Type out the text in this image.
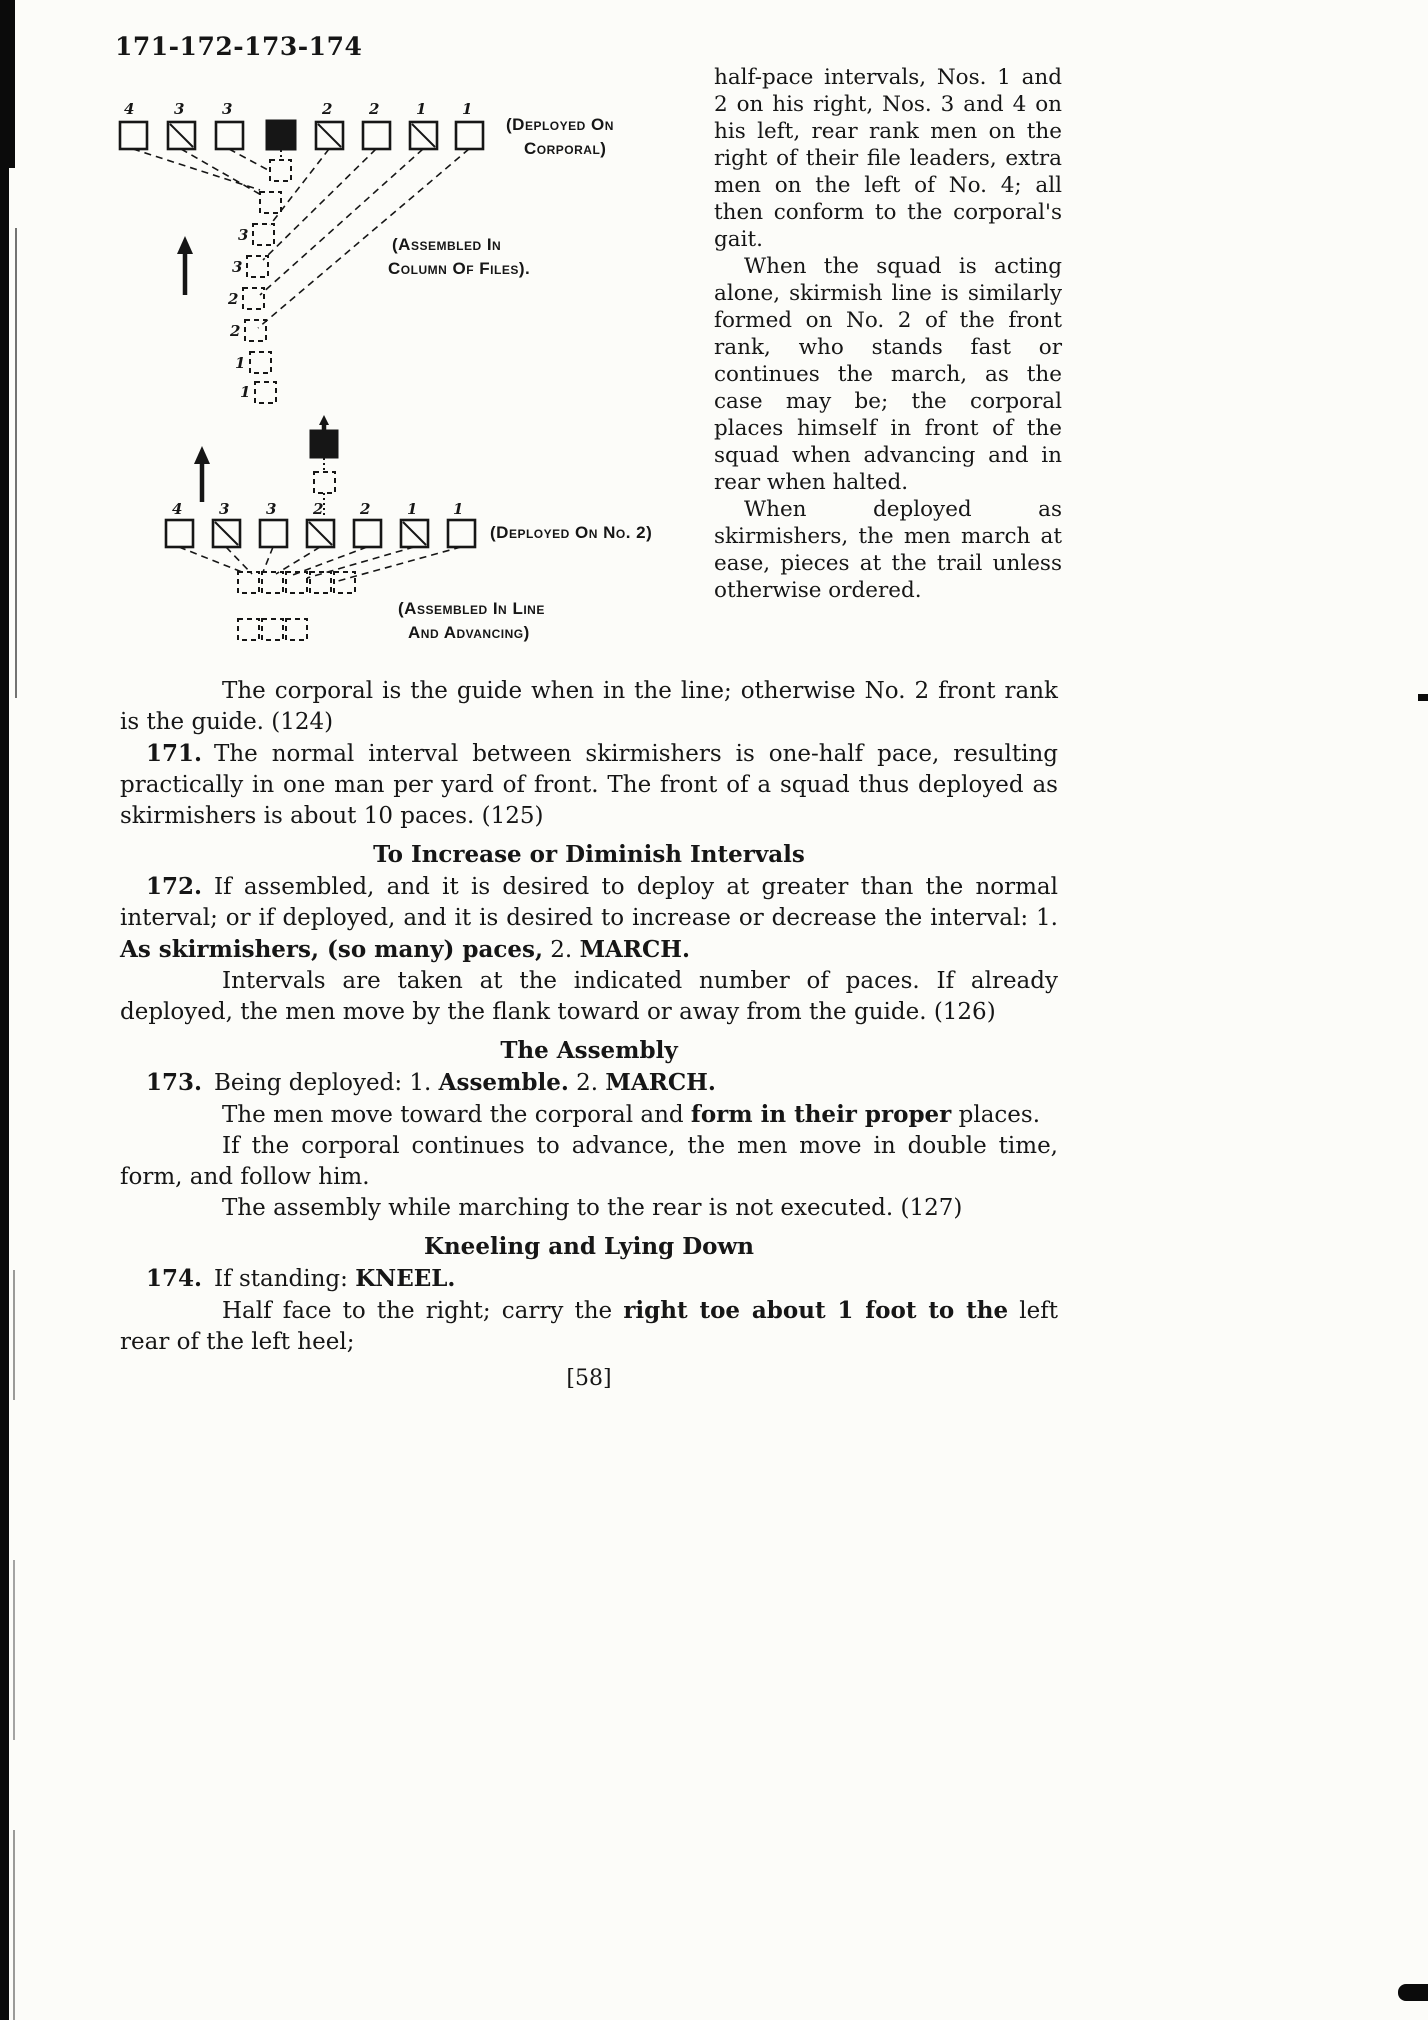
171-172-173-174
4	3	3	2 2 1 1
3
3
2
2
1
1
(Deployed On
Corporal)
(Assembled In
Column Of Files).

4 3 3 2 2 1 1
(Deployed On No. 2)
(Assembled In Line
And Advancing)

half-pace intervals, Nos. 1 and 2 on his right, Nos. 3 and 4 on his left, rear rank men on the right of their file leaders, extra men on the left of No. 4; all then conform to the corporal's gait.

When the squad is acting alone, skirmish line is similarly formed on No. 2 of the front rank, who stands fast or continues the march, as the case may be; the corporal places himself in front of the squad when advancing and in rear when halted.

When deployed as skirmishers, the men march at ease, pieces at the trail unless otherwise ordered.

The corporal is the guide when in the line; otherwise No. 2 front rank is the guide. (124)

171. The normal interval between skirmishers is one-half pace, resulting practically in one man per yard of front. The front of a squad thus deployed as skirmishers is about 10 paces. (125)

To Increase or Diminish Intervals

172. If assembled, and it is desired to deploy at greater than the normal interval; or if deployed, and it is desired to increase or decrease the interval: 1. As skirmishers, (so many) paces, 2. MARCH.

Intervals are taken at the indicated number of paces. If already deployed, the men move by the flank toward or away from the guide. (126)

The Assembly

173. Being deployed: 1. Assemble. 2. MARCH.

The men move toward the corporal and form in their proper places.

If the corporal continues to advance, the men move in double time, form, and follow him.

The assembly while marching to the rear is not executed. (127)

Kneeling and Lying Down

174. If standing: KNEEL.

Half face to the right; carry the right toe about 1 foot to the left rear of the left heel;

[58]
